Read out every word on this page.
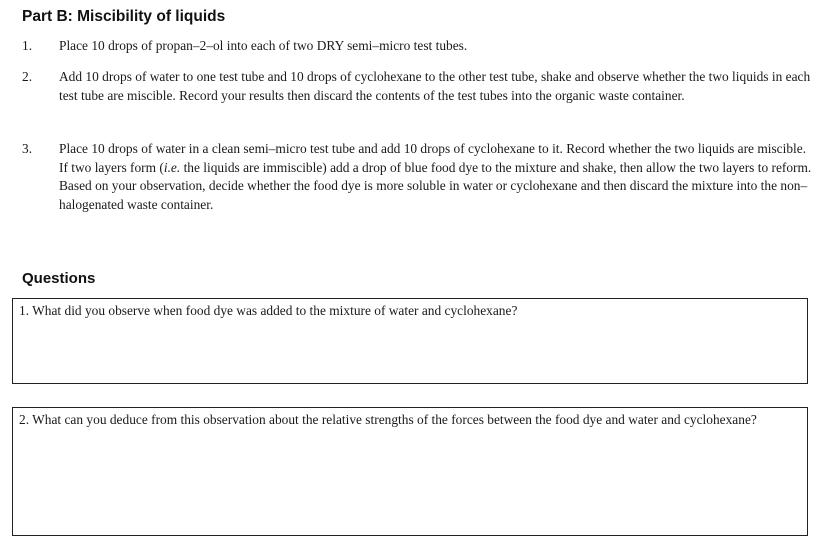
Part B: Miscibility of liquids
1.	Place 10 drops of propan–2–ol into each of two DRY semi–micro test tubes.
2.	Add 10 drops of water to one test tube and 10 drops of cyclohexane to the other test tube, shake and observe whether the two liquids in each test tube are miscible. Record your results then discard the contents of the test tubes into the organic waste container.
3.	Place 10 drops of water in a clean semi–micro test tube and add 10 drops of cyclohexane to it. Record whether the two liquids are miscible. If two layers form (i.e. the liquids are immiscible) add a drop of blue food dye to the mixture and shake, then allow the two layers to reform. Based on your observation, decide whether the food dye is more soluble in water or cyclohexane and then discard the mixture into the non–halogenated waste container.
Questions
1. What did you observe when food dye was added to the mixture of water and cyclohexane?
2. What can you deduce from this observation about the relative strengths of the forces between the food dye and water and cyclohexane?
